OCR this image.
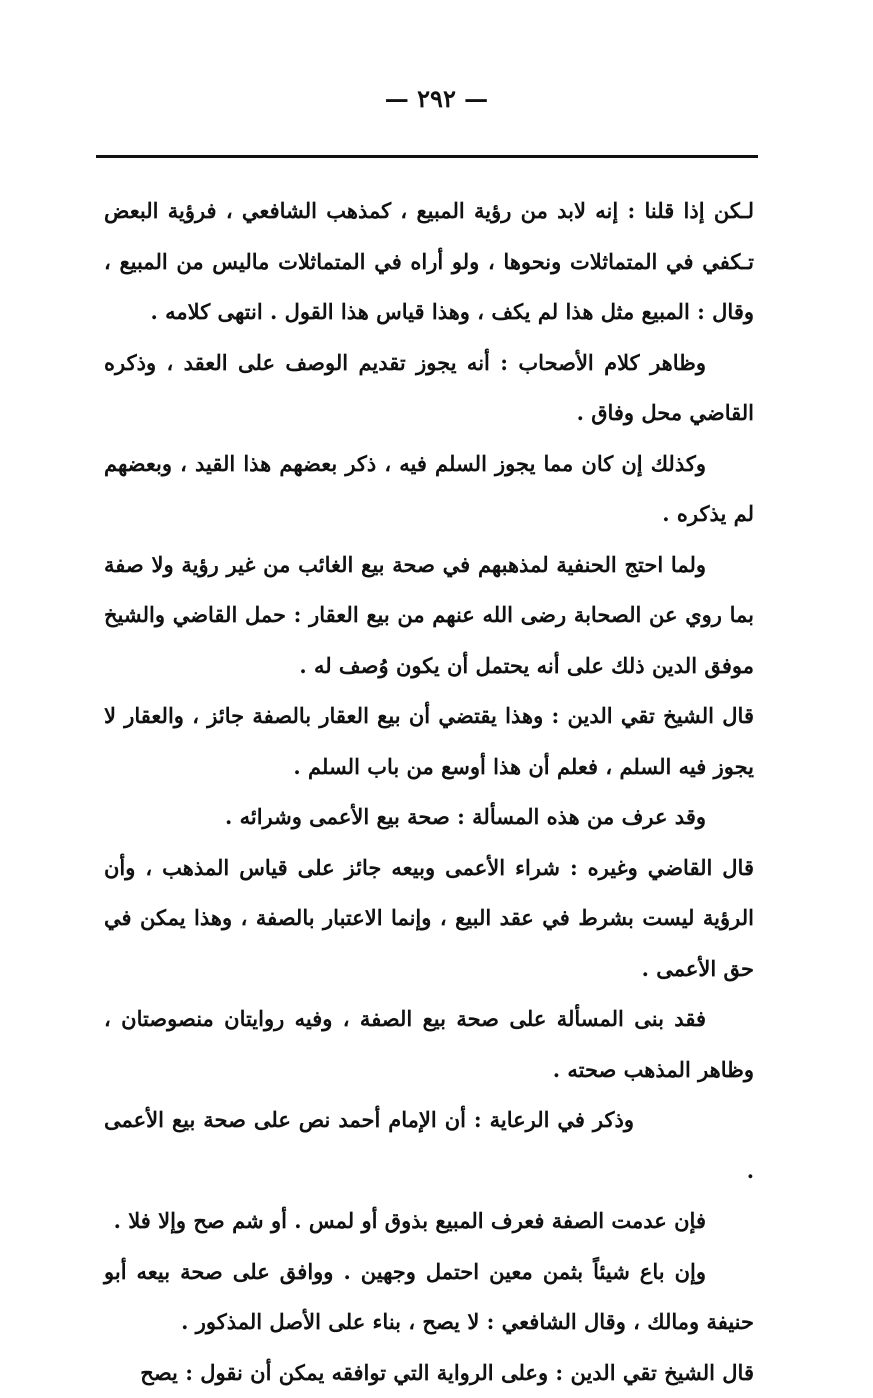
— ٢٩٢ —

لـكن إذا قلنا : إنه لابد من رؤية المبيع ، كمذهب الشافعي ، فرؤية البعض تـكفي في المتماثلات ونحوها ، ولو أراه في المتماثلات ماليس من المبيع ، وقال : المبيع مثل هذا لم يكف ، وهذا قياس هذا القول . انتهى كلامه .

وظاهر كلام الأصحاب : أنه يجوز تقديم الوصف على العقد ، وذكره القاضي محل وفاق .

وكذلك إن كان مما يجوز السلم فيه ، ذكر بعضهم هذا القيد ، وبعضهم لم يذكره .

ولما احتج الحنفية لمذهبهم في صحة بيع الغائب من غير رؤية ولا صفة بما روي عن الصحابة رضى الله عنهم من بيع العقار : حمل القاضي والشيخ موفق الدين ذلك على أنه يحتمل أن يكون وُصف له .

قال الشيخ تقي الدين : وهذا يقتضي أن بيع العقار بالصفة جائز ، والعقار لا يجوز فيه السلم ، فعلم أن هذا أوسع من باب السلم .

وقد عرف من هذه المسألة : صحة بيع الأعمى وشرائه .

قال القاضي وغيره : شراء الأعمى وبيعه جائز على قياس المذهب ، وأن الرؤية ليست بشرط في عقد البيع ، وإنما الاعتبار بالصفة ، وهذا يمكن في حق الأعمى .

فقد بنى المسألة على صحة بيع الصفة ، وفيه روايتان منصوصتان ، وظاهر المذهب صحته .

وذكر في الرعاية : أن الإمام أحمد نص على صحة بيع الأعمى .

فإن عدمت الصفة فعرف المبيع بذوق أو لمس . أو شم صح وإلا فلا .

وإن باع شيئاً بثمن معين احتمل وجهين . ووافق على صحة بيعه أبو حنيفة ومالك ، وقال الشافعي : لا يصح ، بناء على الأصل المذكور .

قال الشيخ تقي الدين : وعلى الرواية التي توافقه يمكن أن نقول : يصح
